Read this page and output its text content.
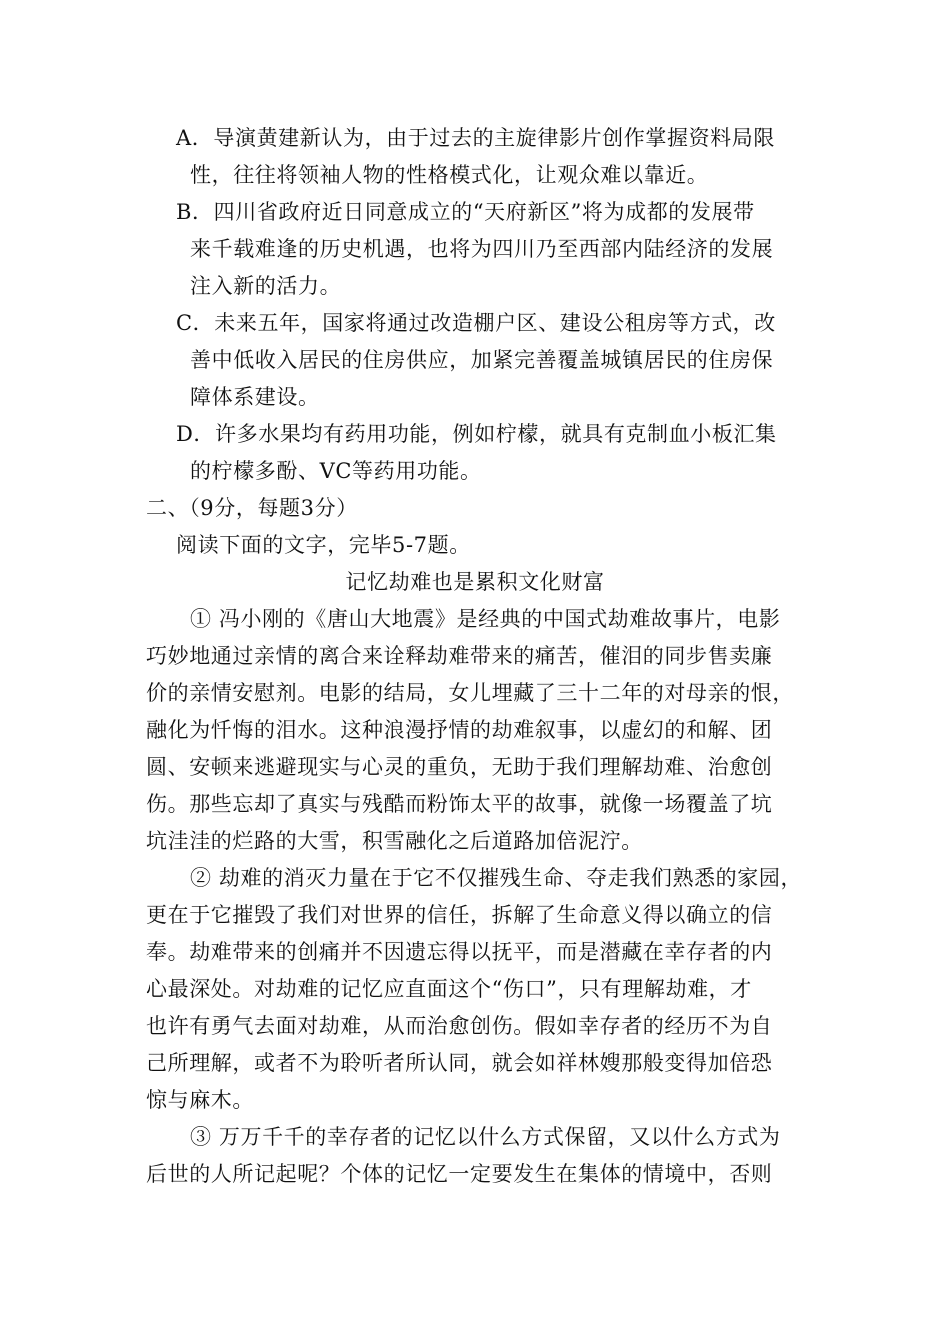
A．导演黄建新认为，由于过去的主旋律影片创作掌握资料局限
性，往往将领袖人物的性格模式化，让观众难以靠近。
B．四川省政府近日同意成立的“天府新区”将为成都的发展带
来千载难逢的历史机遇，也将为四川乃至西部内陆经济的发展
注入新的活力。
C．未来五年，国家将通过改造棚户区、建设公租房等方式，改
善中低收入居民的住房供应，加紧完善覆盖城镇居民的住房保
障体系建设。
D．许多水果均有药用功能，例如柠檬，就具有克制血小板汇集
的柠檬多酚、VC等药用功能。
二、（9分，每题3分）
阅读下面的文字，完毕5-7题。
记忆劫难也是累积文化财富
① 冯小刚的《唐山大地震》是经典的中国式劫难故事片，电影
巧妙地通过亲情的离合来诠释劫难带来的痛苦，催泪的同步售卖廉
价的亲情安慰剂。电影的结局，女儿埋藏了三十二年的对母亲的恨，
融化为忏悔的泪水。这种浪漫抒情的劫难叙事，以虚幻的和解、团
圆、安顿来逃避现实与心灵的重负，无助于我们理解劫难、治愈创
伤。那些忘却了真实与残酷而粉饰太平的故事，就像一场覆盖了坑
坑洼洼的烂路的大雪，积雪融化之后道路加倍泥泞。
② 劫难的消灭力量在于它不仅摧残生命、夺走我们熟悉的家园，
更在于它摧毁了我们对世界的信任，拆解了生命意义得以确立的信
奉。劫难带来的创痛并不因遗忘得以抚平，而是潜藏在幸存者的内
心最深处。对劫难的记忆应直面这个“伤口”，只有理解劫难，才
也许有勇气去面对劫难，从而治愈创伤。假如幸存者的经历不为自
己所理解，或者不为聆听者所认同，就会如祥林嫂那般变得加倍恐
惊与麻木。
③ 万万千千的幸存者的记忆以什么方式保留，又以什么方式为
后世的人所记起呢？个体的记忆一定要发生在集体的情境中，否则
